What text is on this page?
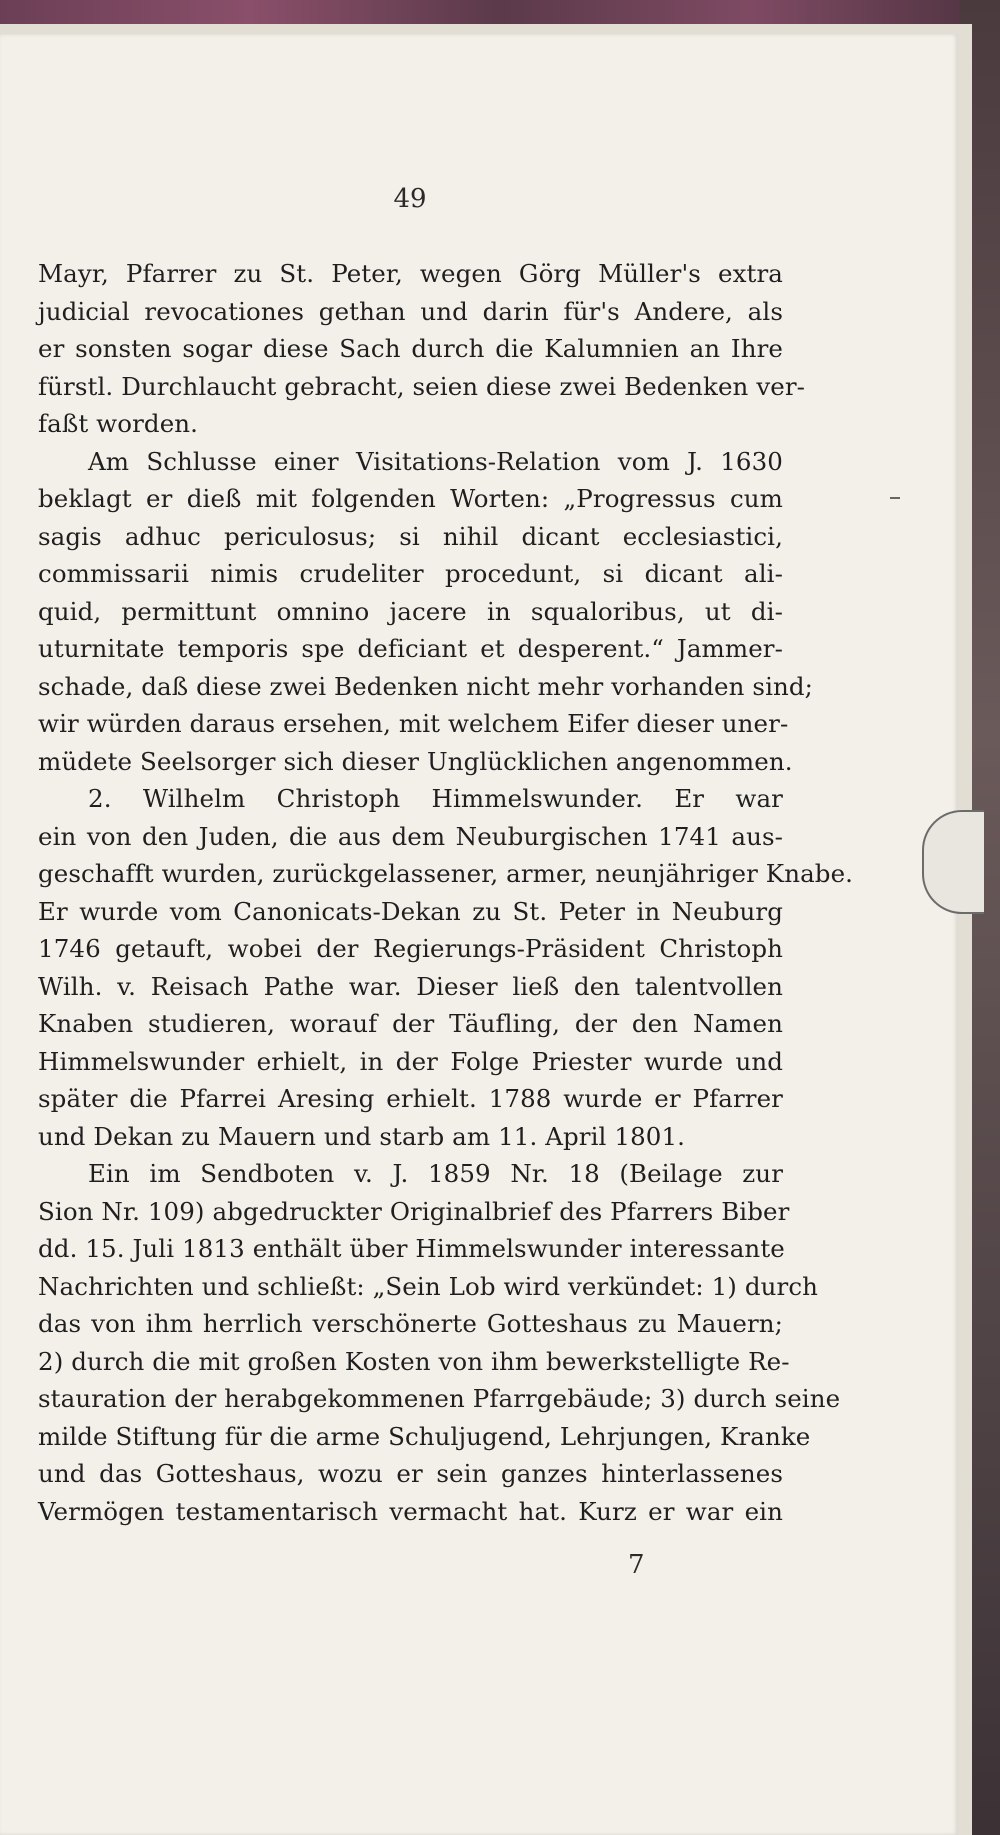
49
Mayr, Pfarrer zu St. Peter, wegen Görg Müller's extra
judicial revocationes gethan und darin für's Andere, als
er sonsten sogar diese Sach durch die Kalumnien an Ihre
fürstl. Durchlaucht gebracht, seien diese zwei Bedenken ver-
faßt worden.
Am Schlusse einer Visitations-Relation vom J. 1630
beklagt er dieß mit folgenden Worten: „Progressus cum
sagis adhuc periculosus; si nihil dicant ecclesiastici,
commissarii nimis crudeliter procedunt, si dicant ali-
quid, permittunt omnino jacere in squaloribus, ut di-
uturnitate temporis spe deficiant et desperent.“ Jammer-
schade, daß diese zwei Bedenken nicht mehr vorhanden sind;
wir würden daraus ersehen, mit welchem Eifer dieser uner-
müdete Seelsorger sich dieser Unglücklichen angenommen.
2. Wilhelm Christoph Himmelswunder. Er war
ein von den Juden, die aus dem Neuburgischen 1741 aus-
geschafft wurden, zurückgelassener, armer, neunjähriger Knabe.
Er wurde vom Canonicats-Dekan zu St. Peter in Neuburg
1746 getauft, wobei der Regierungs-Präsident Christoph
Wilh. v. Reisach Pathe war. Dieser ließ den talentvollen
Knaben studieren, worauf der Täufling, der den Namen
Himmelswunder erhielt, in der Folge Priester wurde und
später die Pfarrei Aresing erhielt. 1788 wurde er Pfarrer
und Dekan zu Mauern und starb am 11. April 1801.
Ein im Sendboten v. J. 1859 Nr. 18 (Beilage zur
Sion Nr. 109) abgedruckter Originalbrief des Pfarrers Biber
dd. 15. Juli 1813 enthält über Himmelswunder interessante
Nachrichten und schließt: „Sein Lob wird verkündet: 1) durch
das von ihm herrlich verschönerte Gotteshaus zu Mauern;
2) durch die mit großen Kosten von ihm bewerkstelligte Re-
stauration der herabgekommenen Pfarrgebäude; 3) durch seine
milde Stiftung für die arme Schuljugend, Lehrjungen, Kranke
und das Gotteshaus, wozu er sein ganzes hinterlassenes
Vermögen testamentarisch vermacht hat. Kurz er war ein
7
